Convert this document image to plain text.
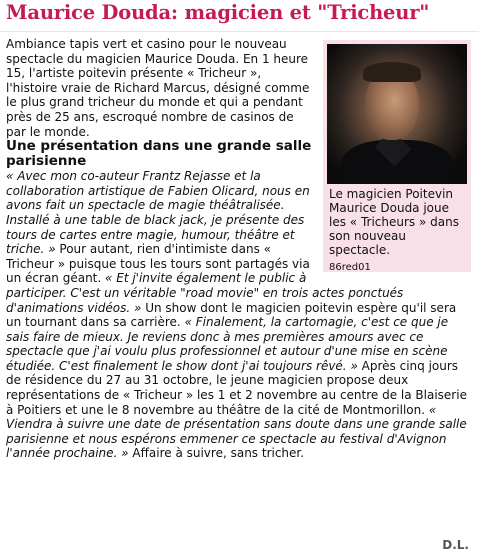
Maurice Douda: magicien et "Tricheur"
Le magicien Poitevin Maurice Douda joue les « Tricheurs » dans son nouveau spectacle.
86red01

Ambiance tapis vert et casino pour le nouveau spectacle du magicien Maurice Douda. En 1 heure 15, l'artiste poitevin présente « Tricheur », l'histoire vraie de Richard Marcus, désigné comme le plus grand tricheur du monde et qui a pendant près de 25 ans, escroqué nombre de casinos de par le monde.

Une présentation dans une grande salle parisienne

« Avec mon co-auteur Frantz Rejasse et la collaboration artistique de Fabien Olicard, nous en avons fait un spectacle de magie théâtralisée. Installé à une table de black jack, je présente des tours de cartes entre magie, humour, théâtre et triche. » Pour autant, rien d'intimiste dans « Tricheur » puisque tous les tours sont partagés via un écran géant. « Et j'invite également le public à participer. C'est un véritable "road movie" en trois actes ponctués d'animations vidéos. » Un show dont le magicien poitevin espère qu'il sera un tournant dans sa carrière. « Finalement, la cartomagie, c'est ce que je sais faire de mieux. Je reviens donc à mes premières amours avec ce spectacle que j'ai voulu plus professionnel et autour d'une mise en scène étudiée. C'est finalement le show dont j'ai toujours rêvé. » Après cinq jours de résidence du 27 au 31 octobre, le jeune magicien propose deux représentations de « Tricheur » les 1 et 2 novembre au centre de la Blaiserie à Poitiers et une le 8 novembre au théâtre de la cité de Montmorillon. « Viendra à suivre une date de présentation sans doute dans une grande salle parisienne et nous espérons emmener ce spectacle au festival d'Avignon l'année prochaine. » Affaire à suivre, sans tricher.

D.L.
